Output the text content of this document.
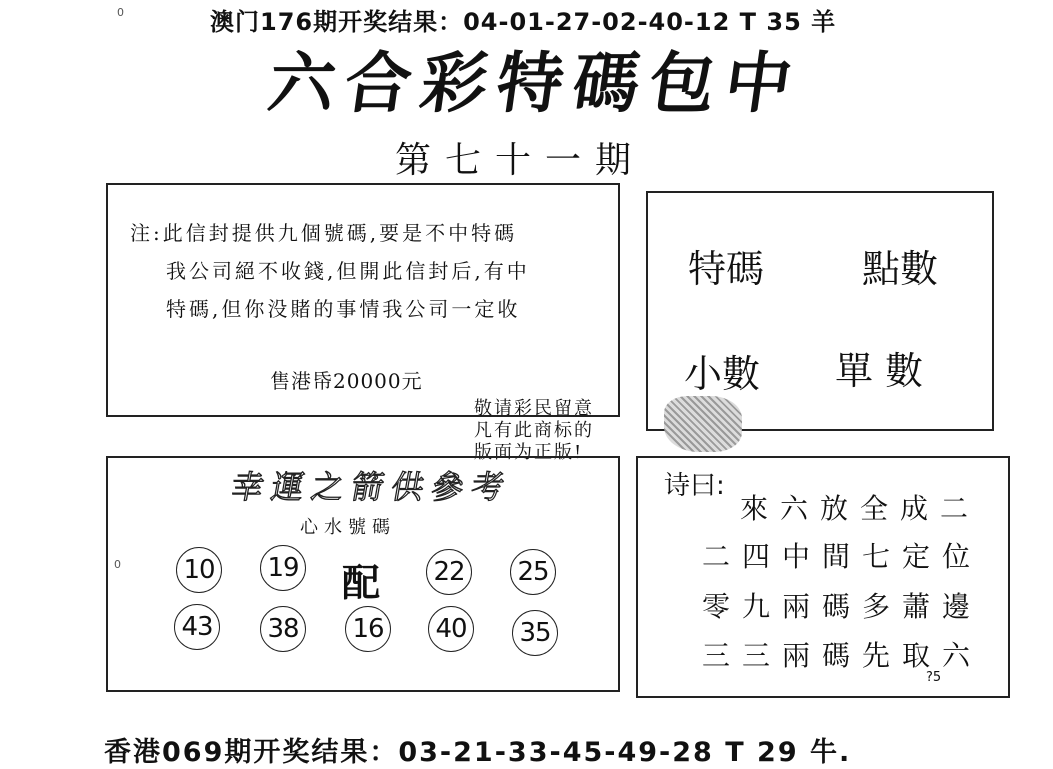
0	澳门176期开奖结果：04-01-27-02-40-12 T 35 羊
六合彩特碼包中
第七十一期
注:此信封提供九個號碼,要是不中特碼
我公司絕不收錢,但開此信封后,有中
特碼,但你没賭的事情我公司一定收
售港帋20000元
特碼	點數
小數 單數
敬请彩民留意
凡有此商标的
版面为正版!
幸運之箭供參考
心水號碼
0	配
10 19	22 25
43 38 16 40 35
诗曰:
來六放全成二
二四中間七定位
零九兩碼多蕭邊
三三兩碼先取六
?5
香港069期开奖结果：03-21-33-45-49-28 T 29 牛.
